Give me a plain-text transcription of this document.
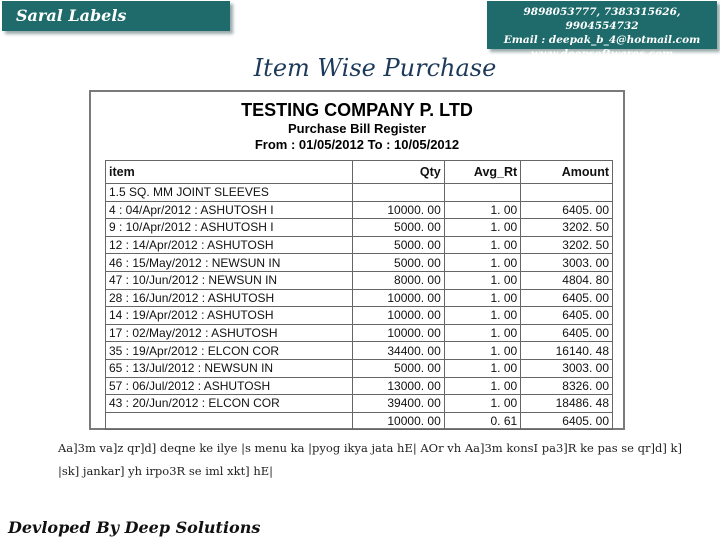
Saral Labels Management
9898053777, 7383315626, 9904554732
Email : deepak_b_4@hotmail.com
www.deepsoftwares.com
Item Wise Purchase
TESTING COMPANY P. LTD
Purchase Bill Register
From : 01/05/2012 To : 10/05/2012
item	Qty	Avg_Rt	Amount
1.5 SQ. MM JOINT SLEEVES			
4 : 04/Apr/2012 : ASHUTOSH I	10000. 00	1. 00	6405. 00
9 : 10/Apr/2012 : ASHUTOSH I	5000. 00	1. 00	3202. 50
12 : 14/Apr/2012 : ASHUTOSH	5000. 00	1. 00	3202. 50
46 : 15/May/2012 : NEWSUN IN	5000. 00	1. 00	3003. 00
47 : 10/Jun/2012 : NEWSUN IN	8000. 00	1. 00	4804. 80
28 : 16/Jun/2012 : ASHUTOSH	10000. 00	1. 00	6405. 00
14 : 19/Apr/2012 : ASHUTOSH	10000. 00	1. 00	6405. 00
17 : 02/May/2012 : ASHUTOSH	10000. 00	1. 00	6405. 00
35 : 19/Apr/2012 : ELCON COR	34400. 00	1. 00	16140. 48
65 : 13/Jul/2012 : NEWSUN IN	5000. 00	1. 00	3003. 00
57 : 06/Jul/2012 : ASHUTOSH	13000. 00	1. 00	8326. 00
43 : 20/Jun/2012 : ELCON COR	39400. 00	1. 00	18486. 48
	10000. 00	0. 61	6405. 00
Aa]3m va]z qr]d] deqne ke ilye |s menu ka |pyog ikya jata hE| AOr vh Aa]3m konsI pa3]R ke pas se qr]d] k] |sk] jankar] yh irpo3R se iml xkt] hE|
Devloped By Deep Solutions
